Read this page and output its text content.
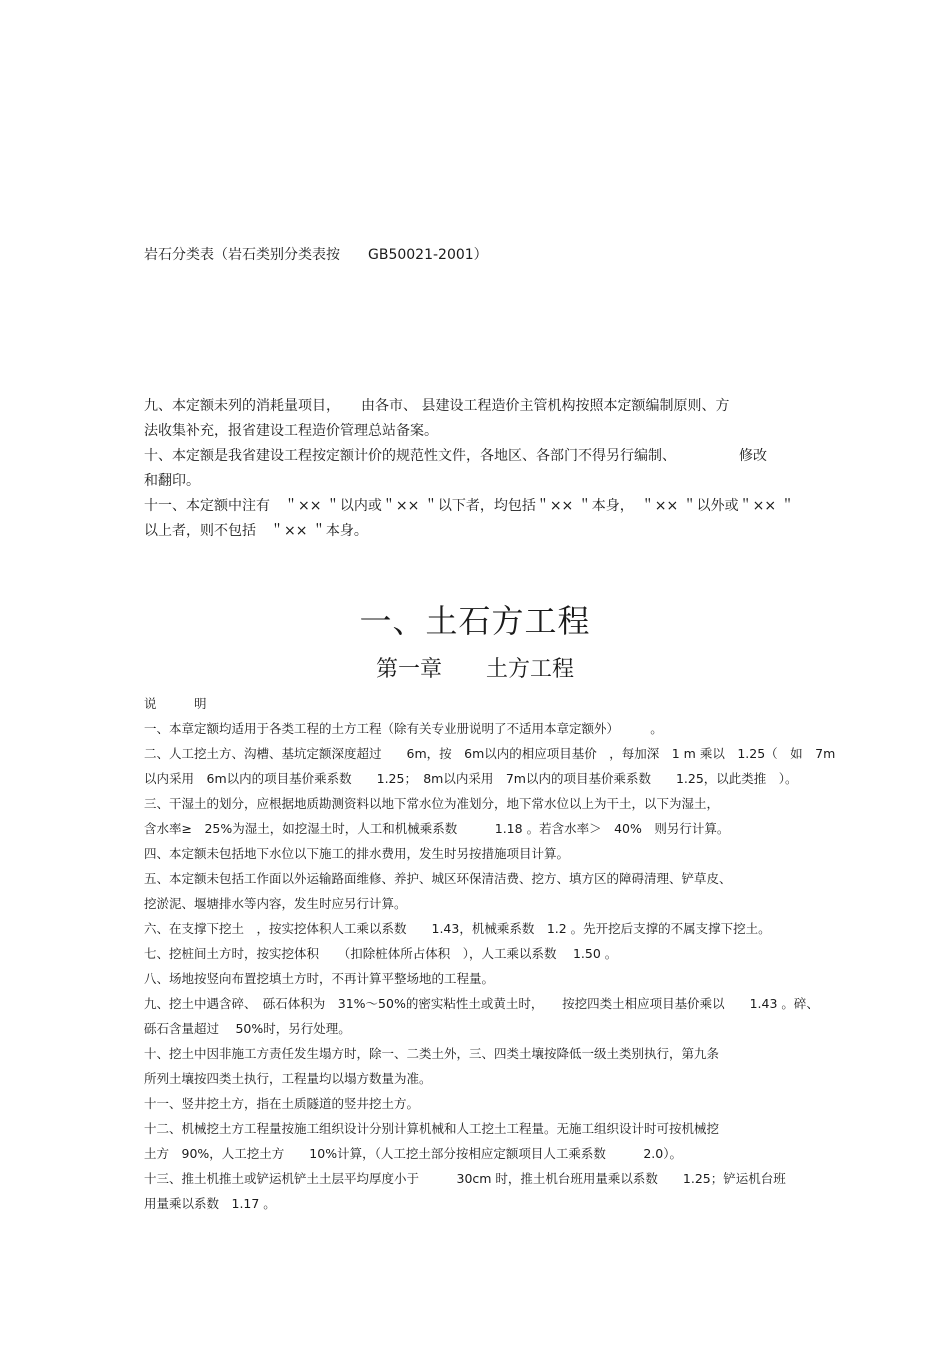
岩石分类表（岩石类别分类表按　　GB50021-2001）
九、本定额未列的消耗量项目，　　由各市、 县建设工程造价主管机构按照本定额编制原则、方
法收集补充，报省建设工程造价管理总站备案。
十、本定额是我省建设工程按定额计价的规范性文件，各地区、各部门不得另行编制、　　　　　修改
和翻印。
十一、本定额中注有　＂×× ＂以内或＂×× ＂以下者，均包括＂×× ＂本身，　＂×× ＂以外或＂×× ＂
以上者，则不包括　＂×× ＂本身。
一、土石方工程
第一章　　土方工程
说　　　明
一、本章定额均适用于各类工程的土方工程（除有关专业册说明了不适用本章定额外）　　　。
二、人工挖土方、沟槽、基坑定额深度超过　　6m，按　6m以内的相应项目基价　，每加深　1 m 乘以　1.25（　如　7m
以内采用　6m以内的项目基价乘系数　　1.25；　8m以内采用　7m以内的项目基价乘系数　　1.25，以此类推　）。
三、干湿土的划分，应根据地质勘测资料以地下常水位为准划分，地下常水位以上为干土，以下为湿土，
含水率≥　25%为湿土，如挖湿土时，人工和机械乘系数　　　1.18 。若含水率＞　40%　则另行计算。
四、本定额未包括地下水位以下施工的排水费用，发生时另按措施项目计算。
五、本定额未包括工作面以外运输路面维修、养护、城区环保清洁费、挖方、填方区的障碍清理、铲草皮、
挖淤泥、堰塘排水等内容，发生时应另行计算。
六、在支撑下挖土　，按实挖体积人工乘以系数　　1.43，机械乘系数　1.2 。先开挖后支撑的不属支撑下挖土。
七、挖桩间土方时，按实挖体积　　（扣除桩体所占体积　），人工乘以系数　 1.50 。
八、场地按竖向布置挖填土方时，不再计算平整场地的工程量。
九、挖土中遇含碎、　砾石体积为　31%～50%的密实粘性土或黄土时，　　按挖四类土相应项目基价乘以　　1.43 。碎、
砾石含量超过　 50%时，另行处理。
十、挖土中因非施工方责任发生塌方时，除一、二类土外，三、四类土壤按降低一级土类别执行，第九条
所列土壤按四类土执行，工程量均以塌方数量为准。
十一、竖井挖土方，指在土质隧道的竖井挖土方。
十二、机械挖土方工程量按施工组织设计分别计算机械和人工挖土工程量。无施工组织设计时可按机械挖
土方　90%，人工挖土方　　10%计算，（人工挖土部分按相应定额项目人工乘系数　　　2.0）。
十三、推土机推土或铲运机铲土土层平均厚度小于　　　30cm 时，推土机台班用量乘以系数　　1.25；铲运机台班
用量乘以系数　1.17 。
